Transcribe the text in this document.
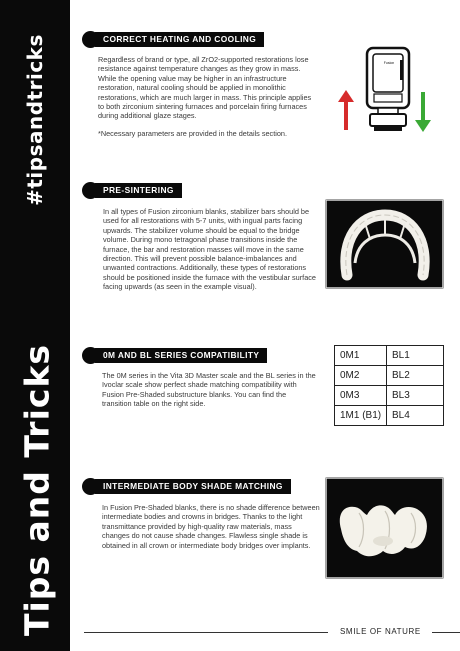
#tipsandtricks
Tips and Tricks
CORRECT HEATING AND COOLING
Regardless of brand or type, all ZrO2-supported restorations lose resistance against temperature changes as they grow in mass. While the opening value may be higher in an infrastructure restoration, natural cooling should be applied in monolithic restorations, which are much larger in mass. This principle applies to both zirconium sintering furnaces and porcelain firing furnaces during additional glaze stages.
*Necessary parameters are provided in the details section.
Fusion
PRE-SINTERING
In all types of Fusion zirconium blanks, stabilizer bars should be used for all restorations with 5-7 units, with ingual parts facing upwards. The stabilizer volume should be equal to the bridge volume. During mono tetragonal phase transitions inside the furnace, the bar and restoration masses will move in the same direction. This will prevent possible balance-imbalances and unwanted contractions. Additionally, these types of restorations should be positioned inside the furnace with the vestibular surface facing upwards (as seen in the example visual).
0M AND BL SERIES COMPATIBILITY
The 0M series in the Vita 3D Master scale and the BL series in the Ivoclar scale show perfect shade matching compatibility with Fusion Pre-Shaded substructure blanks. You can find the transition table on the right side.
0M1	BL1
0M2	BL2
0M3	BL3
1M1 (B1)	BL4
INTERMEDIATE BODY SHADE MATCHING
In Fusion Pre-Shaded blanks, there is no shade difference between intermediate bodies and crowns in bridges. Thanks to the light transmittance provided by high-quality raw materials, mass changes do not cause shade changes. Flawless single shade is obtained in all crown or intermediate body bridges over implants.
SMILE OF NATURE
